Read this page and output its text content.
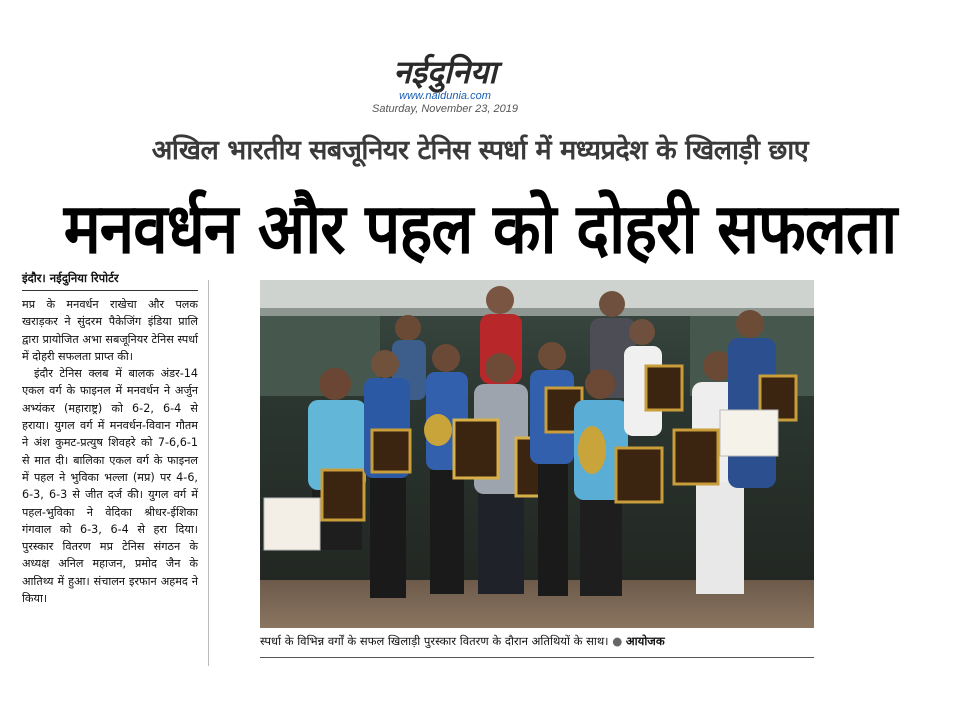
नईदुनिया
www.naidunia.com
Saturday, November 23, 2019
अखिल भारतीय सबजूनियर टेनिस स्पर्धा में मध्यप्रदेश के खिलाड़ी छाए
मनवर्धन और पहल को दोहरी सफलता
इंदौर। नईदुनिया रिपोर्टर

मप्र के मनवर्धन राखेचा और पलक खराड़कर ने सुंदरम पैकेजिंग इंडिया प्रालि द्वारा प्रायोजित अभा सबजूनियर टेनिस स्पर्धा में दोहरी सफलता प्राप्त की।

इंदौर टेनिस क्लब में बालक अंडर-14 एकल वर्ग के फाइनल में मनवर्धन ने अर्जुन अभ्यंकर (महाराष्ट्र) को 6-2, 6-4 से हराया। युगल वर्ग में मनवर्धन-विवान गौतम ने अंश कुमट-प्रत्युष शिवहरे को 7-6,6-1 से मात दी। बालिका एकल वर्ग के फाइनल में पहल ने भुविका भल्ला (मप्र) पर 4-6, 6-3, 6-3 से जीत दर्ज की। युगल वर्ग में पहल-भुविका ने वेदिका श्रीधर-ईशिका गंगवाल को 6-3, 6-4 से हरा दिया। पुरस्कार वितरण मप्र टेनिस संगठन के अध्यक्ष अनिल महाजन, प्रमोद जैन के आतिथ्य में हुआ। संचालन इरफान अहमद ने किया।

स्पर्धा के विभिन्न वर्गों के सफल खिलाड़ी पुरस्कार वितरण के दौरान अतिथियों के साथ। ● आयोजक
